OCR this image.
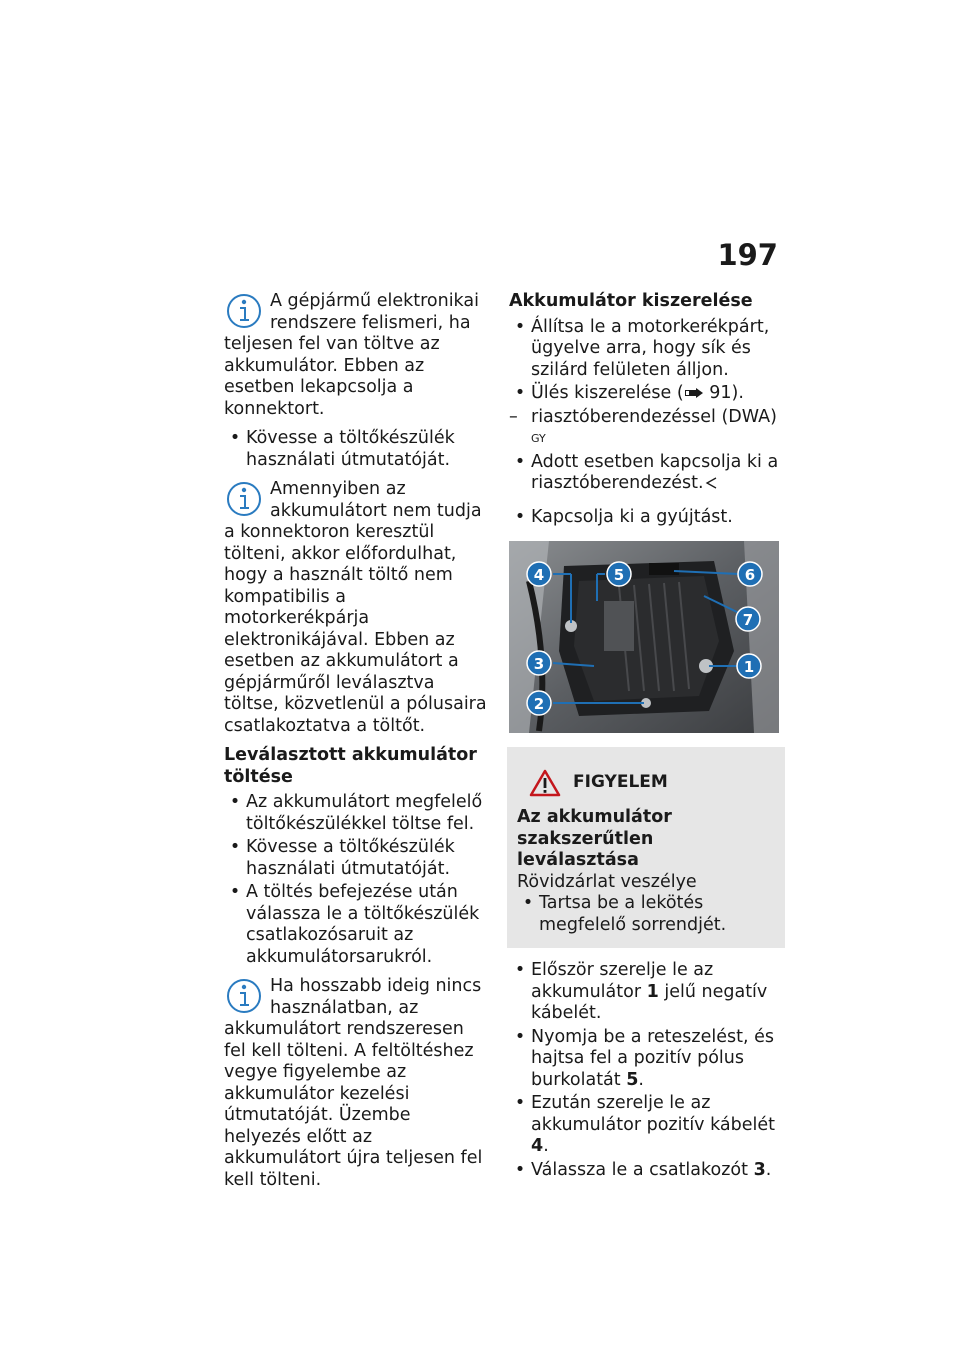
197

A gépjármű elektronikai rendszere felismeri, ha teljesen fel van töltve az akkumulátor. Ebben az esetben lekapcsolja a konnektort.

• Kövesse a töltőkészülék használati útmutatóját.

Amennyiben az akkumulátort nem tudja a konnektoron keresztül tölteni, akkor előfordulhat, hogy a használt töltő nem kompatibilis a motorkerékpárja elektronikájával. Ebben az esetben az akkumulátort a gépjárműről leválasztva töltse, közvetlenül a pólusaira csatlakoztatva a töltőt.

Leválasztott akkumulátor töltése

• Az akkumulátort megfelelő töltőkészülékkel töltse fel.

• Kövesse a töltőkészülék használati útmutatóját.

• A töltés befejezése után válassza le a töltőkészülék csatlakozósaruit az akkumulátorsarukról.

Ha hosszabb ideig nincs használatban, az akkumulátort rendszeresen fel kell tölteni. A feltöltéshez vegye figyelembe az akkumulátor kezelési útmutatóját. Üzembe helyezés előtt az akkumulátort újra teljesen fel kell tölteni.

Akkumulátor kiszerelése

• Állítsa le a motorkerékpárt, ügyelve arra, hogy sík és szilárd felületen álljon.

• Ülés kiszerelése ( 91).

– riasztóberendezéssel (DWA) $^{GY}$

• Adott esetben kapcsolja ki a riasztóberendezést.

• Kapcsolja ki a gyújtást.

1
2
3
4	5	6
7
FIGYELEM

Az akkumulátor szakszerűtlen leválasztása

Rövidzárlat veszélye

• Tartsa be a lekötés megfelelő sorrendjét.

• Először szerelje le az akkumulátor 1 jelű negatív kábelét.

• Nyomja be a reteszelést, és hajtsa fel a pozitív pólus burkolatát 5.

• Ezután szerelje le az akkumulátor pozitív kábelét 4.

• Válassza le a csatlakozót 3.
